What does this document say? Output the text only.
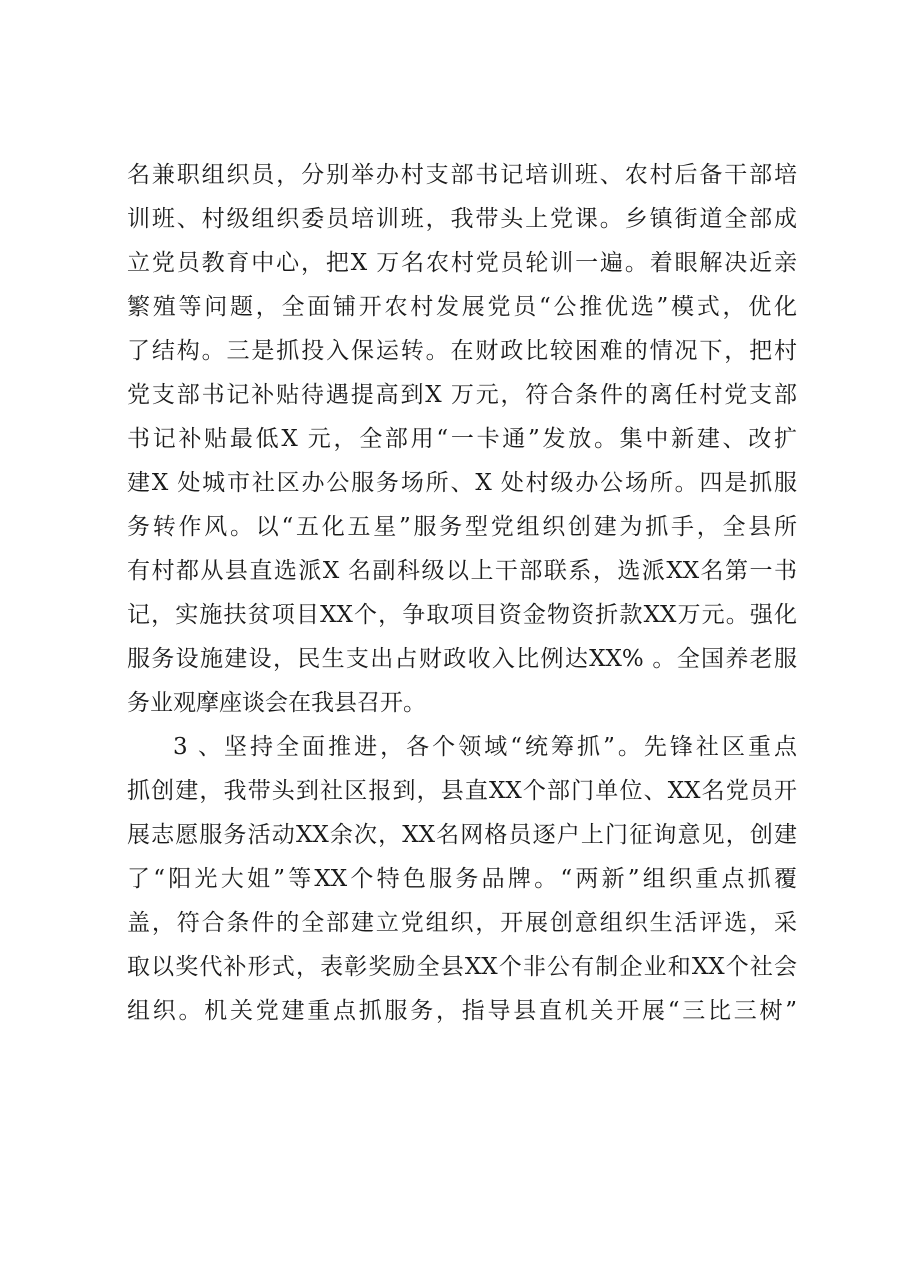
名兼职组织员，分别举办村支部书记培训班、农村后备干部培
训班、村级组织委员培训班，我带头上党课。乡镇街道全部成
立党员教育中心，把X 万名农村党员轮训一遍。着眼解决近亲
繁殖等问题，全面铺开农村发展党员“公推优选”模式，优化
了结构。三是抓投入保运转。在财政比较困难的情况下，把村
党支部书记补贴待遇提高到X 万元，符合条件的离任村党支部
书记补贴最低X 元，全部用“一卡通”发放。集中新建、改扩
建X 处城市社区办公服务场所、X 处村级办公场所。四是抓服
务转作风。以“五化五星”服务型党组织创建为抓手，全县所
有村都从县直选派X 名副科级以上干部联系，选派XX名第一书
记，实施扶贫项目XX个，争取项目资金物资折款XX万元。强化
服务设施建设，民生支出占财政收入比例达XX% 。全国养老服
务业观摩座谈会在我县召开。
3 、坚持全面推进，各个领域“统筹抓”。先锋社区重点
抓创建，我带头到社区报到，县直XX个部门单位、XX名党员开
展志愿服务活动XX余次，XX名网格员逐户上门征询意见，创建
了“阳光大姐”等XX个特色服务品牌。“两新”组织重点抓覆
盖，符合条件的全部建立党组织，开展创意组织生活评选，采
取以奖代补形式，表彰奖励全县XX个非公有制企业和XX个社会
组织。机关党建重点抓服务，指导县直机关开展“三比三树”
